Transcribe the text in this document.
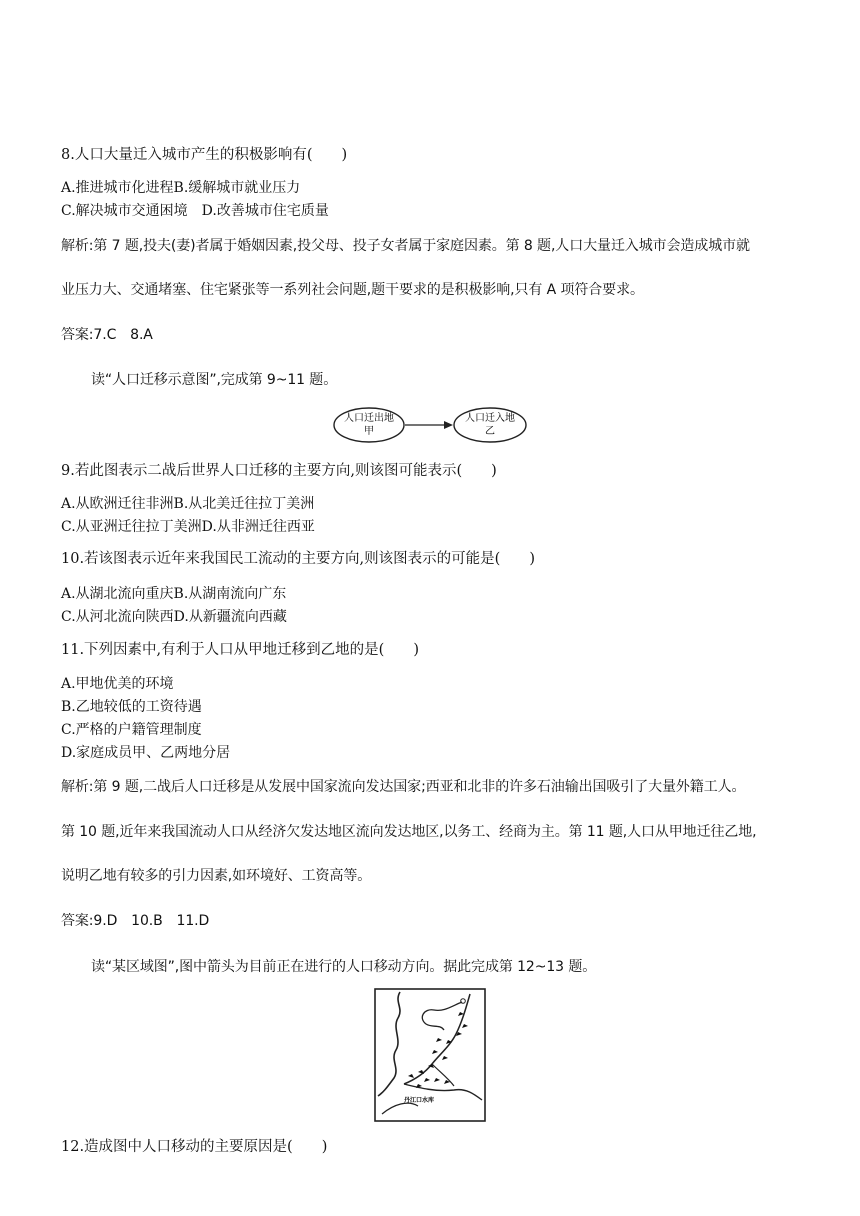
8.人口大量迁入城市产生的积极影响有(　　)
A.推进城市化进程B.缓解城市就业压力
C.解决城市交通困境　D.改善城市住宅质量
解析:第 7 题,投夫(妻)者属于婚姻因素,投父母、投子女者属于家庭因素。第 8 题,人口大量迁入城市会造成城市就
业压力大、交通堵塞、住宅紧张等一系列社会问题,题干要求的是积极影响,只有 A 项符合要求。
答案:7.C　8.A
读“人口迁移示意图”,完成第 9~11 题。
人口迁出地
甲
人口迁入地
乙
9.若此图表示二战后世界人口迁移的主要方向,则该图可能表示(　　)
A.从欧洲迁往非洲B.从北美迁往拉丁美洲
C.从亚洲迁往拉丁美洲D.从非洲迁往西亚
10.若该图表示近年来我国民工流动的主要方向,则该图表示的可能是(　　)
A.从湖北流向重庆B.从湖南流向广东
C.从河北流向陕西D.从新疆流向西藏
11.下列因素中,有利于人口从甲地迁移到乙地的是(　　)
A.甲地优美的环境
B.乙地较低的工资待遇
C.严格的户籍管理制度
D.家庭成员甲、乙两地分居
解析:第 9 题,二战后人口迁移是从发展中国家流向发达国家;西亚和北非的许多石油输出国吸引了大量外籍工人。
第 10 题,近年来我国流动人口从经济欠发达地区流向发达地区,以务工、经商为主。第 11 题,人口从甲地迁往乙地,
说明乙地有较多的引力因素,如环境好、工资高等。
答案:9.D　10.B　11.D
读“某区域图”,图中箭头为目前正在进行的人口移动方向。据此完成第 12~13 题。
丹江口水库
12.造成图中人口移动的主要原因是(　　)
